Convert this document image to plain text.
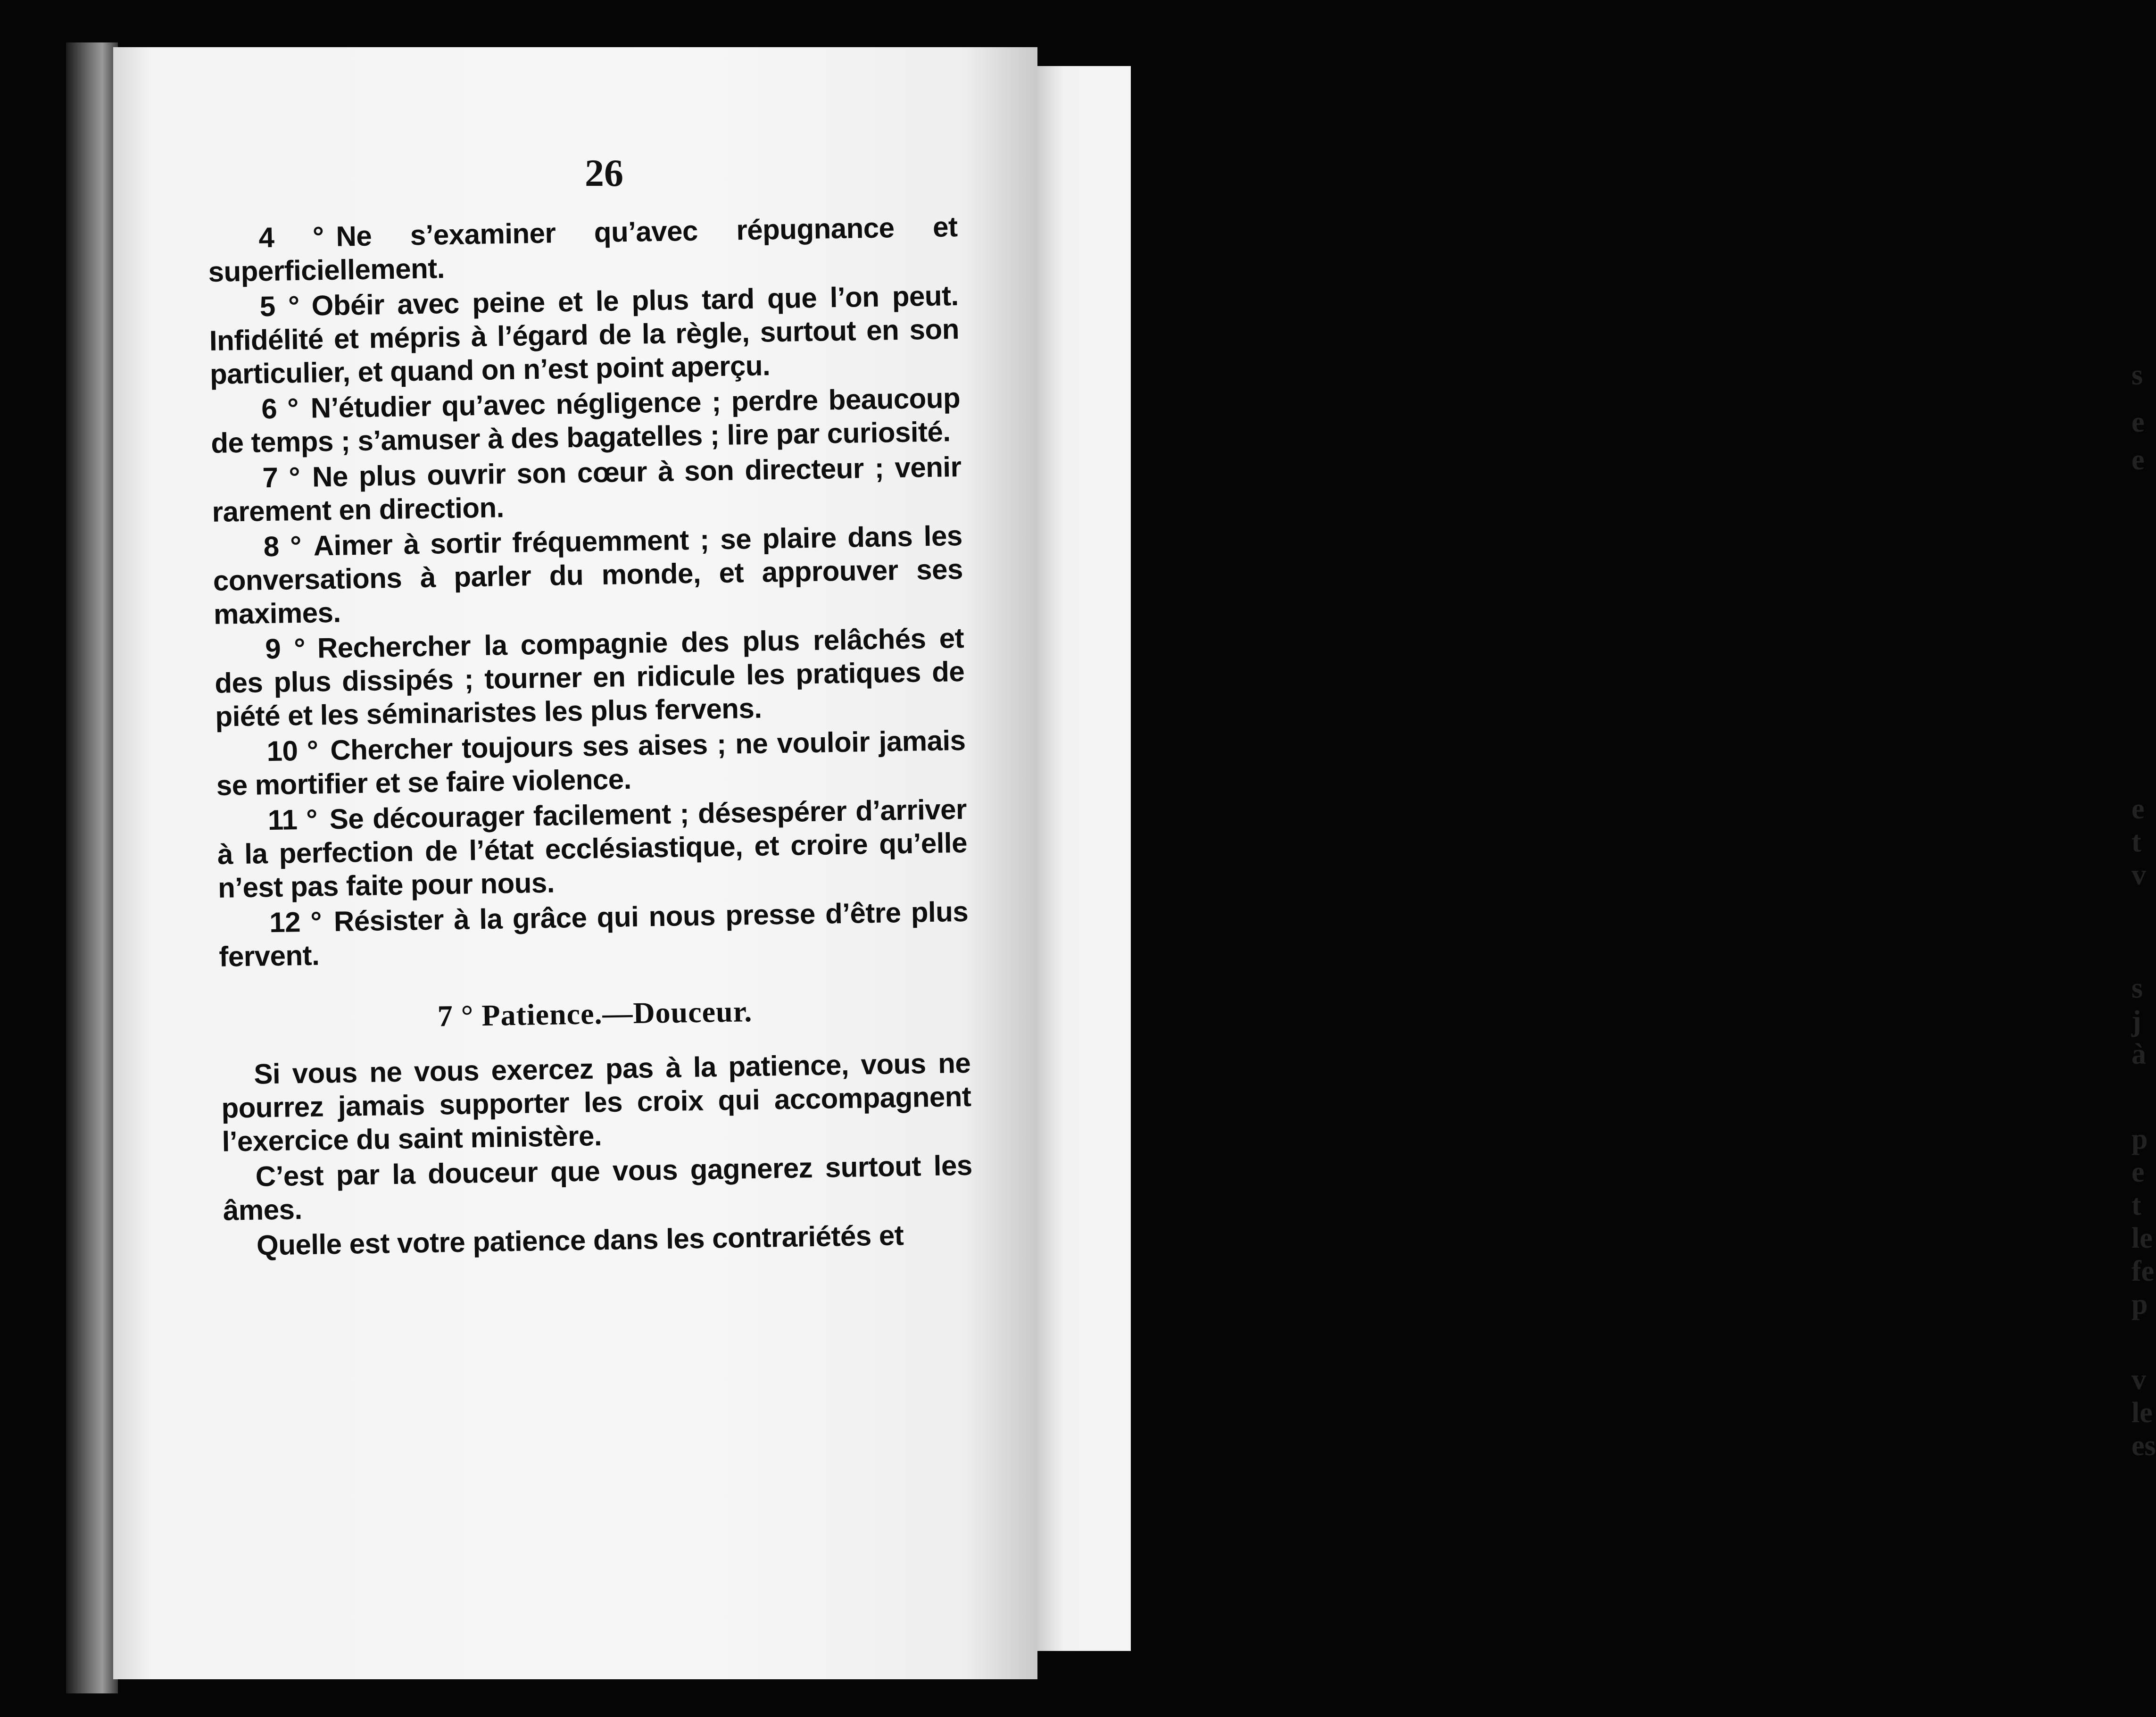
s
e
e
e
t
v
s
j
à
p
e
t
le
fe
p
v
le
es
26

4 ° Ne s’examiner qu’avec répugnance et superficiellement.

5 ° Obéir avec peine et le plus tard que l’on peut. Infidélité et mépris à l’égard de la règle, surtout en son particulier, et quand on n’est point aperçu.

6 ° N’étudier qu’avec négligence ; perdre beaucoup de temps ; s’amuser à des bagatelles ; lire par curiosité.

7 ° Ne plus ouvrir son cœur à son directeur ; venir rarement en direction.

8 ° Aimer à sortir fréquemment ; se plaire dans les conversations à parler du monde, et approuver ses maximes.

9 ° Rechercher la compagnie des plus relâchés et des plus dissipés ; tourner en ridicule les pratiques de piété et les séminaristes les plus fervens.

10 ° Chercher toujours ses aises ; ne vouloir jamais se mortifier et se faire violence.

11 ° Se décourager facilement ; désespérer d’arriver à la perfection de l’état ecclésiastique, et croire qu’elle n’est pas faite pour nous.

12 ° Résister à la grâce qui nous presse d’être plus fervent.

7 ° Patience.—Douceur.

Si vous ne vous exercez pas à la patience, vous ne pourrez jamais supporter les croix qui accompagnent l’exercice du saint ministère.

C’est par la douceur que vous gagnerez surtout les âmes.

Quelle est votre patience dans les contrariétés et
